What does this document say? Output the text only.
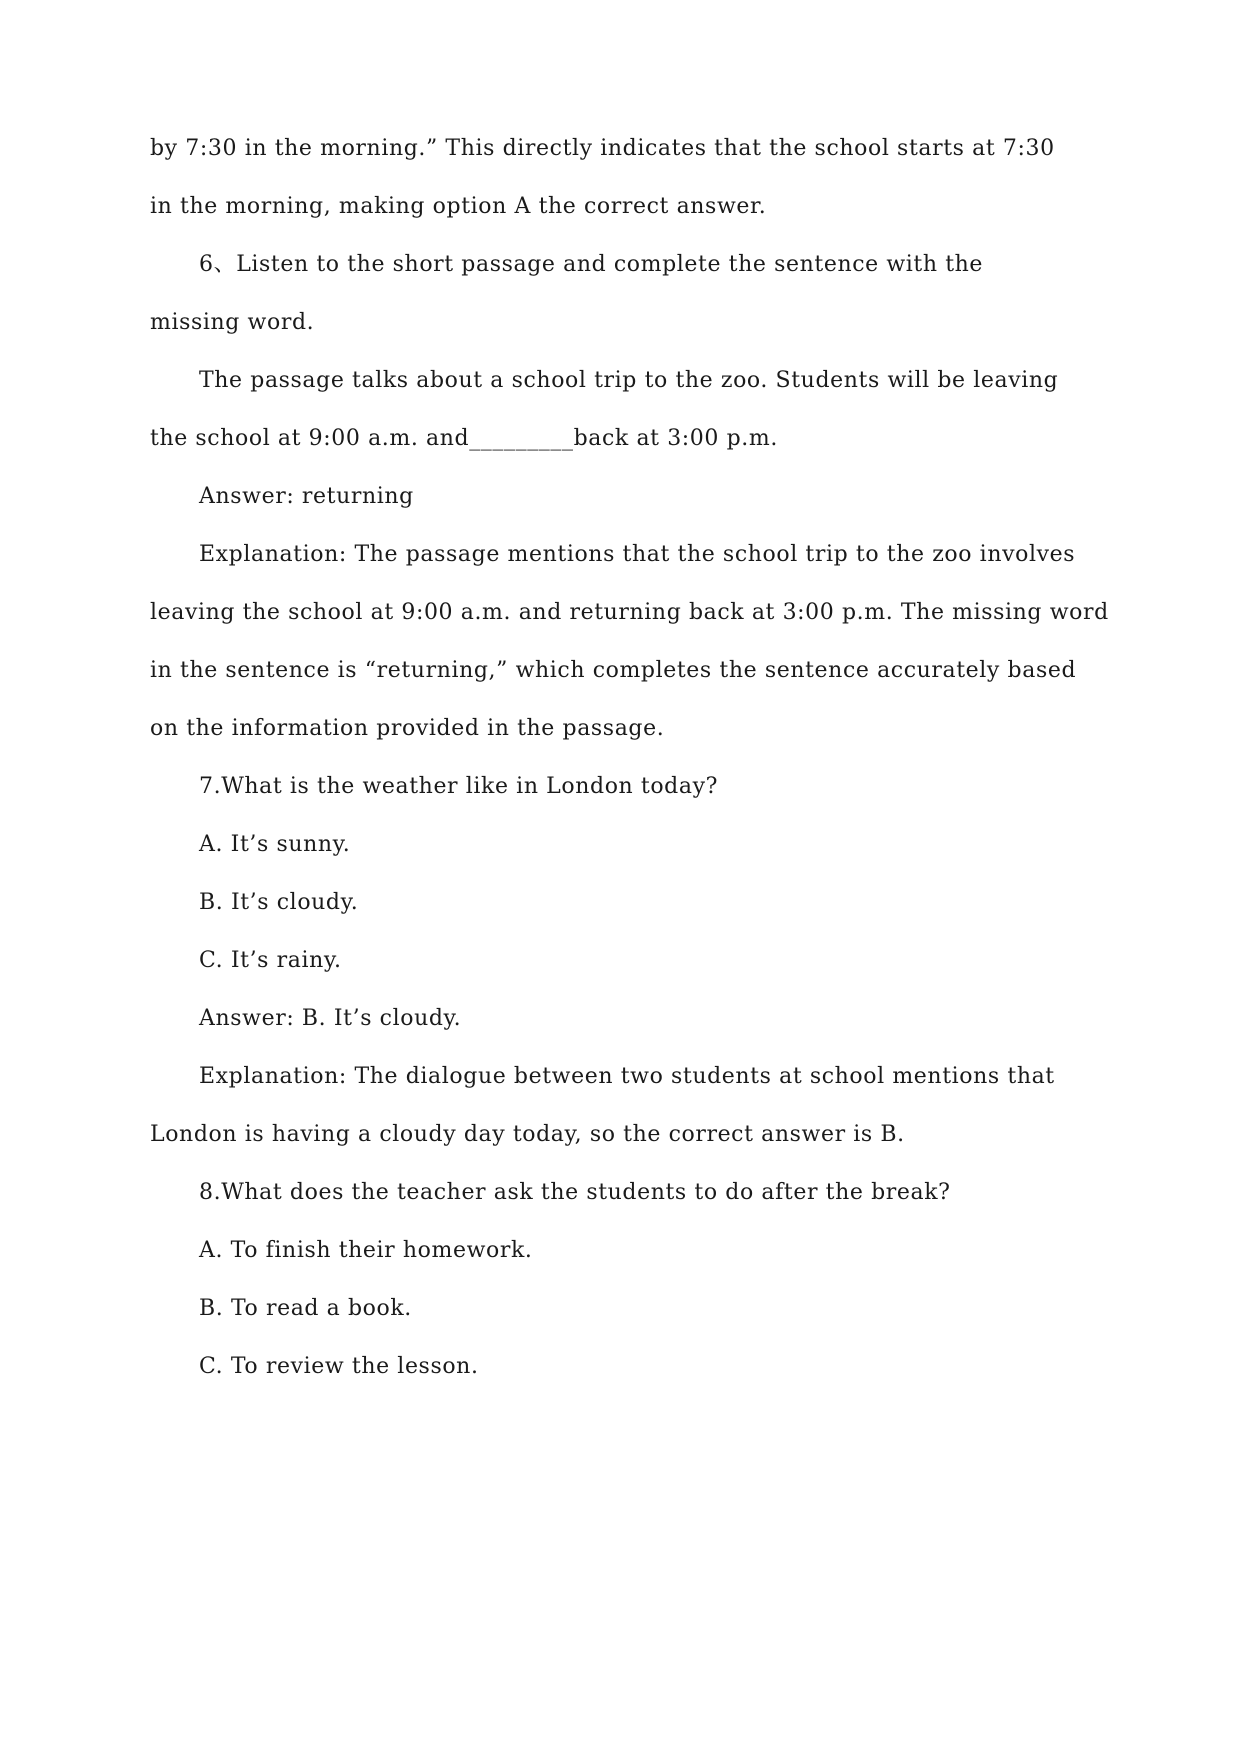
by 7:30 in the morning.” This directly indicates that the school starts at 7:30
in the morning, making option A the correct answer.
6、Listen to the short passage and complete the sentence with the
missing word.
The passage talks about a school trip to the zoo. Students will be leaving
the school at 9:00 a.m. and_________back at 3:00 p.m.
Answer: returning
Explanation: The passage mentions that the school trip to the zoo involves
leaving the school at 9:00 a.m. and returning back at 3:00 p.m. The missing word
in the sentence is “returning,” which completes the sentence accurately based
on the information provided in the passage.
7.What is the weather like in London today?
A. It’s sunny.
B. It’s cloudy.
C. It’s rainy.
Answer: B. It’s cloudy.
Explanation: The dialogue between two students at school mentions that
London is having a cloudy day today, so the correct answer is B.
8.What does the teacher ask the students to do after the break?
A. To finish their homework.
B. To read a book.
C. To review the lesson.
